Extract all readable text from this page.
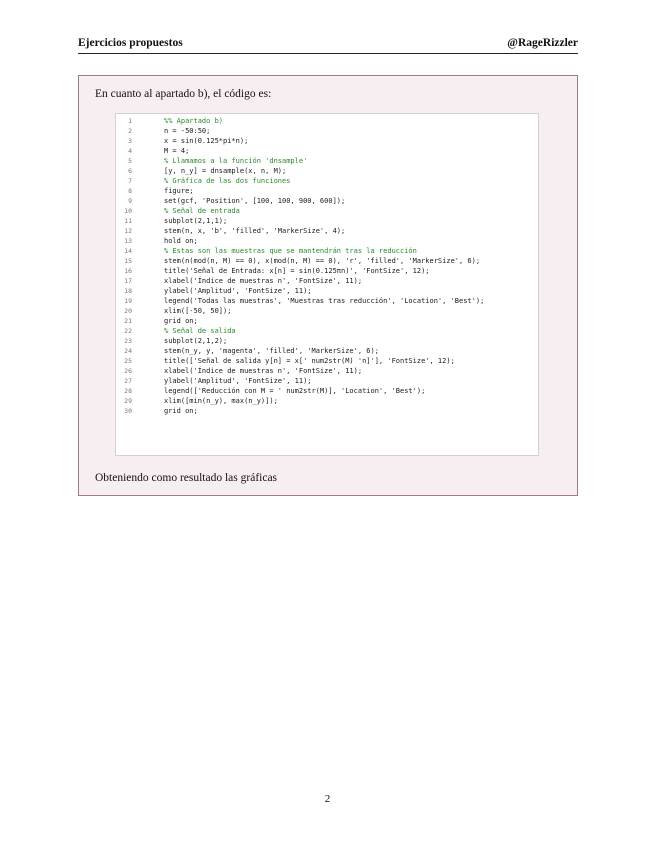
Ejercicios propuestos	@RageRizzler
En cuanto al apartado b), el código es:
1	%% Apartado b)
2	n = -50:50;
3	x = sin(0.125*pi*n);
4	M = 4;
5	% Llamamos a la función 'dnsample'
6	[y, n_y] = dnsample(x, n, M);
7	% Gráfica de las dos funciones
8	figure;
9	set(gcf, 'Position', [100, 100, 900, 600]);
10	% Señal de entrada
11	subplot(2,1,1);
12	stem(n, x, 'b', 'filled', 'MarkerSize', 4);
13	hold on;
14	% Estas son las muestras que se mantendrán tras la reducción
15	stem(n(mod(n, M) == 0), x(mod(n, M) == 0), 'r', 'filled', 'MarkerSize', 6);
16	title('Señal de Entrada: x[n] = sin(0.125πn)', 'FontSize', 12);
17	xlabel('Índice de muestras n', 'FontSize', 11);
18	ylabel('Amplitud', 'FontSize', 11);
19	legend('Todas las muestras', 'Muestras tras reducción', 'Location', 'Best');
20	xlim([-50, 50]);
21	grid on;
22	% Señal de salida
23	subplot(2,1,2);
24	stem(n_y, y, 'magenta', 'filled', 'MarkerSize', 6);
25	title(['Señal de salida y[n] = x[' num2str(M) 'n]'], 'FontSize', 12);
26	xlabel('Índice de muestras n', 'FontSize', 11);
27	ylabel('Amplitud', 'FontSize', 11);
28	legend(['Reducción con M = ' num2str(M)], 'Location', 'Best');
29	xlim([min(n_y), max(n_y)]);
30	grid on;
Obteniendo como resultado las gráficas
2
